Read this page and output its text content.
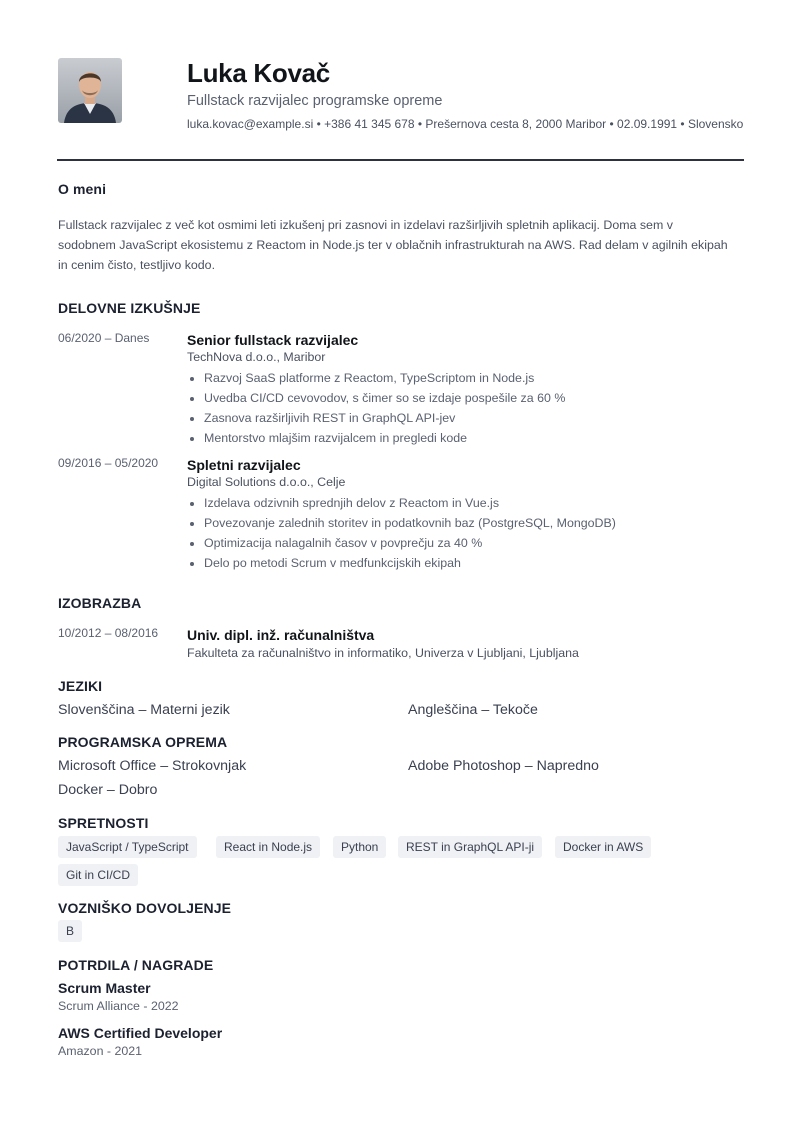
Luka Kovač
Fullstack razvijalec programske opreme
luka.kovac@example.si • +386 41 345 678 • Prešernova cesta 8, 2000 Maribor • 02.09.1991 • Slovensko
O meni
Fullstack razvijalec z več kot osmimi leti izkušenj pri zasnovi in izdelavi razširljivih spletnih aplikacij. Doma sem v sodobnem JavaScript ekosistemu z Reactom in Node.js ter v oblačnih infrastrukturah na AWS. Rad delam v agilnih ekipah in cenim čisto, testljivo kodo.
DELOVNE IZKUŠNJE
06/2020 – Danes	Senior fullstack razvijalec
TechNova d.o.o., Maribor
Razvoj SaaS platforme z Reactom, TypeScriptom in Node.js
Uvedba CI/CD cevovodov, s čimer so se izdaje pospešile za 60 %
Zasnova razširljivih REST in GraphQL API-jev
Mentorstvo mlajšim razvijalcem in pregledi kode
09/2016 – 05/2020 Spletni razvijalec
Digital Solutions d.o.o., Celje
Izdelava odzivnih sprednjih delov z Reactom in Vue.js
Povezovanje zalednih storitev in podatkovnih baz (PostgreSQL, MongoDB)
Optimizacija nalagalnih časov v povprečju za 40 %
Delo po metodi Scrum v medfunkcijskih ekipah
IZOBRAZBA
10/2012 – 08/2016 Univ. dipl. inž. računalništva
Fakulteta za računalništvo in informatiko, Univerza v Ljubljani, Ljubljana
JEZIKI
Slovenščina – Materni jezik	Angleščina – Tekoče
PROGRAMSKA OPREMA
Microsoft Office – Strokovnjak	Adobe Photoshop – Napredno
Docker – Dobro
SPRETNOSTI
JavaScript / TypeScript	React in Node.js	Python	REST in GraphQL API-ji	Docker in AWS
Git in CI/CD
VOZNIŠKO DOVOLJENJE
B
POTRDILA / NAGRADE
Scrum Master
Scrum Alliance - 2022
AWS Certified Developer
Amazon - 2021
